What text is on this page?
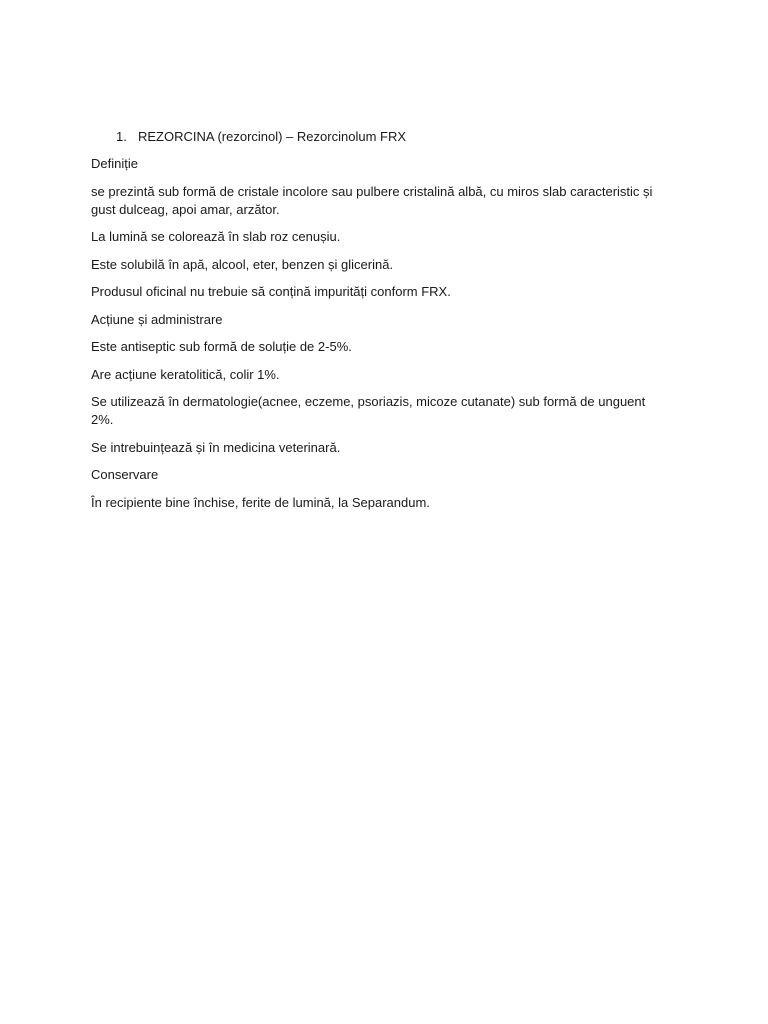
1. REZORCINA (rezorcinol) – Rezorcinolum FRX

Definiție

se prezintă sub formă de cristale incolore sau pulbere cristalină albă, cu miros slab caracteristic și gust dulceag, apoi amar, arzător.

La lumină se colorează în slab roz cenușiu.

Este solubilă în apă, alcool, eter, benzen și glicerină.

Produsul oficinal nu trebuie să conțină impurități conform FRX.

Acțiune și administrare

Este antiseptic sub formă de soluție de 2-5%.

Are acțiune keratolitică, colir 1%.

Se utilizează în dermatologie(acnee, eczeme, psoriazis, micoze cutanate) sub formă de unguent 2%.

Se intrebuințează și în medicina veterinară.

Conservare

În recipiente bine închise, ferite de lumină, la Separandum.
